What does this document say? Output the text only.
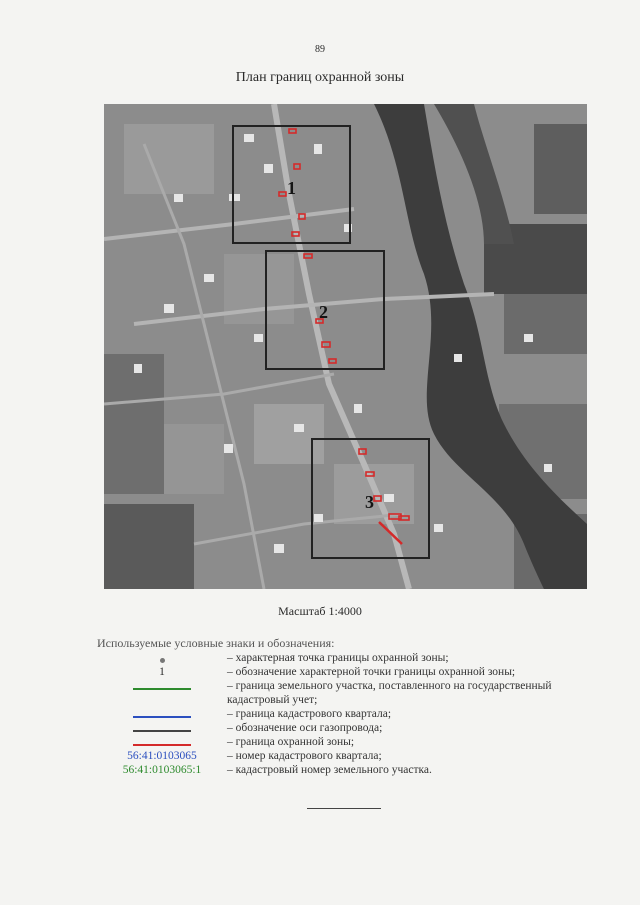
89
План границ охранной зоны
1
2
3
Масштаб 1:4000
Используемые условные знаки и обозначения:
– характерная точка границы охранной зоны;
1	– обозначение характерной точки границы охранной зоны;
– граница земельного участка, поставленного на государственный кадастровый учет;
– граница кадастрового квартала;
– обозначение оси газопровода;
– граница охранной зоны;
56:41:0103065	– номер кадастрового квартала;
56:41:0103065:1 – кадастровый номер земельного участка.
